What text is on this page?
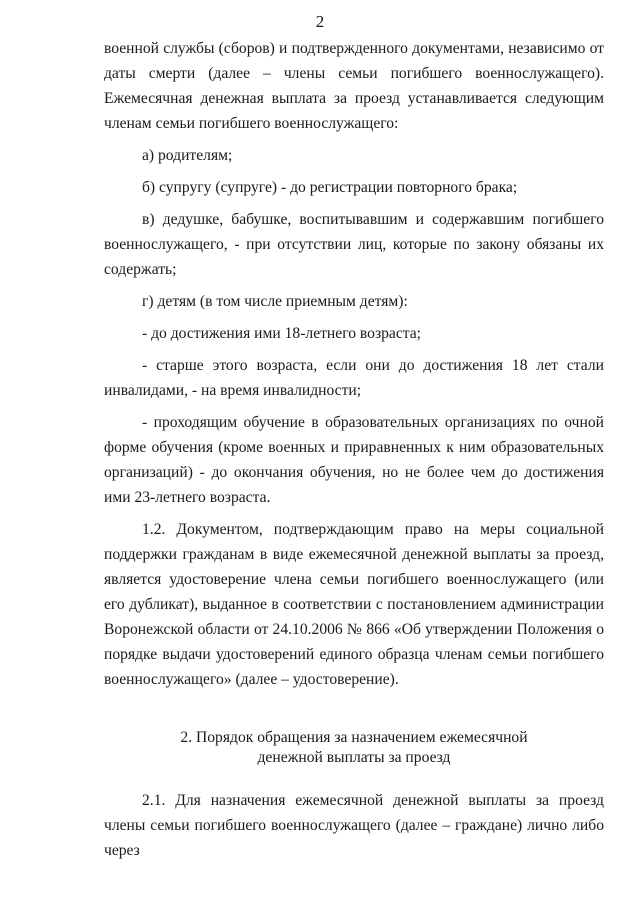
2

военной службы (сборов) и подтвержденного документами, независимо от даты смерти (далее – члены семьи погибшего военнослужащего). Ежемесячная денежная выплата за проезд устанавливается следующим членам семьи погибшего военнослужащего:

а) родителям;

б) супругу (супруге) - до регистрации повторного брака;

в) дедушке, бабушке, воспитывавшим и содержавшим погибшего военнослужащего, - при отсутствии лиц, которые по закону обязаны их содержать;

г) детям (в том числе приемным детям):

- до достижения ими 18-летнего возраста;

- старше этого возраста, если они до достижения 18 лет стали инвалидами, - на время инвалидности;

- проходящим обучение в образовательных организациях по очной форме обучения (кроме военных и приравненных к ним образовательных организаций) - до окончания обучения, но не более чем до достижения ими 23-летнего возраста.

1.2. Документом, подтверждающим право на меры социальной поддержки гражданам в виде ежемесячной денежной выплаты за проезд, является удостоверение члена семьи погибшего военнослужащего (или его дубликат), выданное в соответствии с постановлением администрации Воронежской области от 24.10.2006 № 866 «Об утверждении Положения о порядке выдачи удостоверений единого образца членам семьи погибшего военнослужащего» (далее – удостоверение).

2. Порядок обращения за назначением ежемесячной
денежной выплаты за проезд

2.1. Для назначения ежемесячной денежной выплаты за проезд члены семьи погибшего военнослужащего (далее – граждане) лично либо через
